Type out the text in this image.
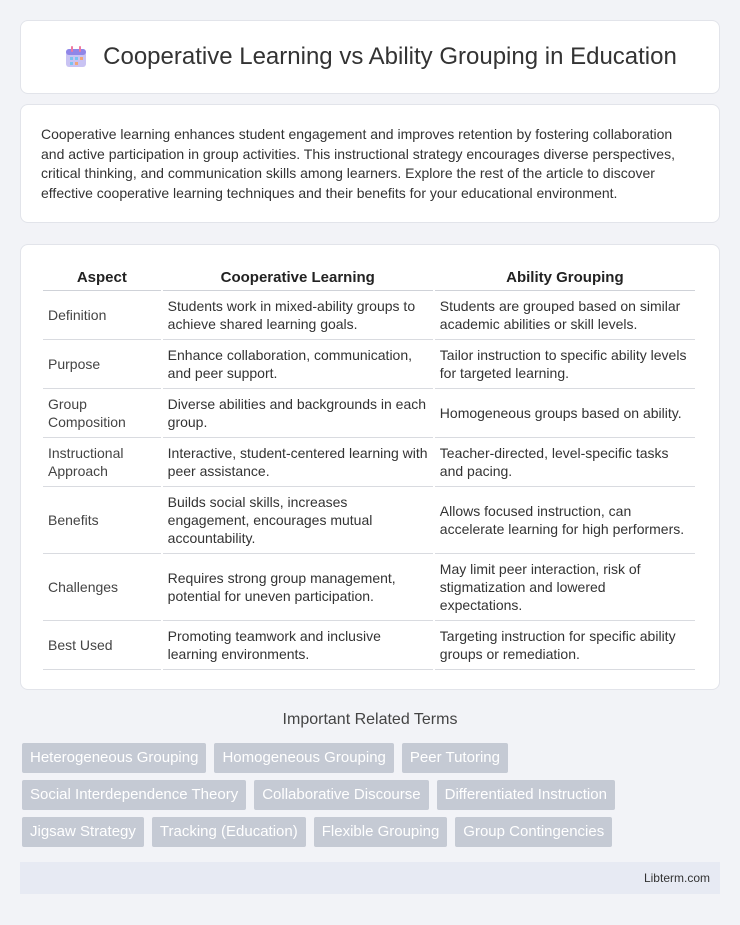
Cooperative Learning vs Ability Grouping in Education

Cooperative learning enhances student engagement and improves retention by fostering collaboration and active participation in group activities. This instructional strategy encourages diverse perspectives, critical thinking, and communication skills among learners. Explore the rest of the article to discover effective cooperative learning techniques and their benefits for your educational environment.

Aspect	Cooperative Learning	Ability Grouping
Definition	Students work in mixed-ability groups to achieve shared learning goals.	Students are grouped based on similar academic abilities or skill levels.
Purpose	Enhance collaboration, communication, and peer support.	Tailor instruction to specific ability levels for targeted learning.
Group Composition	Diverse abilities and backgrounds in each group.	Homogeneous groups based on ability.
Instructional Approach	Interactive, student-centered learning with peer assistance.	Teacher-directed, level-specific tasks and pacing.
Benefits	Builds social skills, increases engagement, encourages mutual accountability.	Allows focused instruction, can accelerate learning for high performers.
Challenges	Requires strong group management, potential for uneven participation.	May limit peer interaction, risk of stigmatization and lowered expectations.
Best Used	Promoting teamwork and inclusive learning environments.	Targeting instruction for specific ability groups or remediation.
Important Related Terms
Heterogeneous Grouping	Homogeneous Grouping	Peer Tutoring
Social Interdependence Theory	Collaborative Discourse	Differentiated Instruction
Jigsaw Strategy	Tracking (Education)	Flexible Grouping	Group Contingencies
Libterm.com
